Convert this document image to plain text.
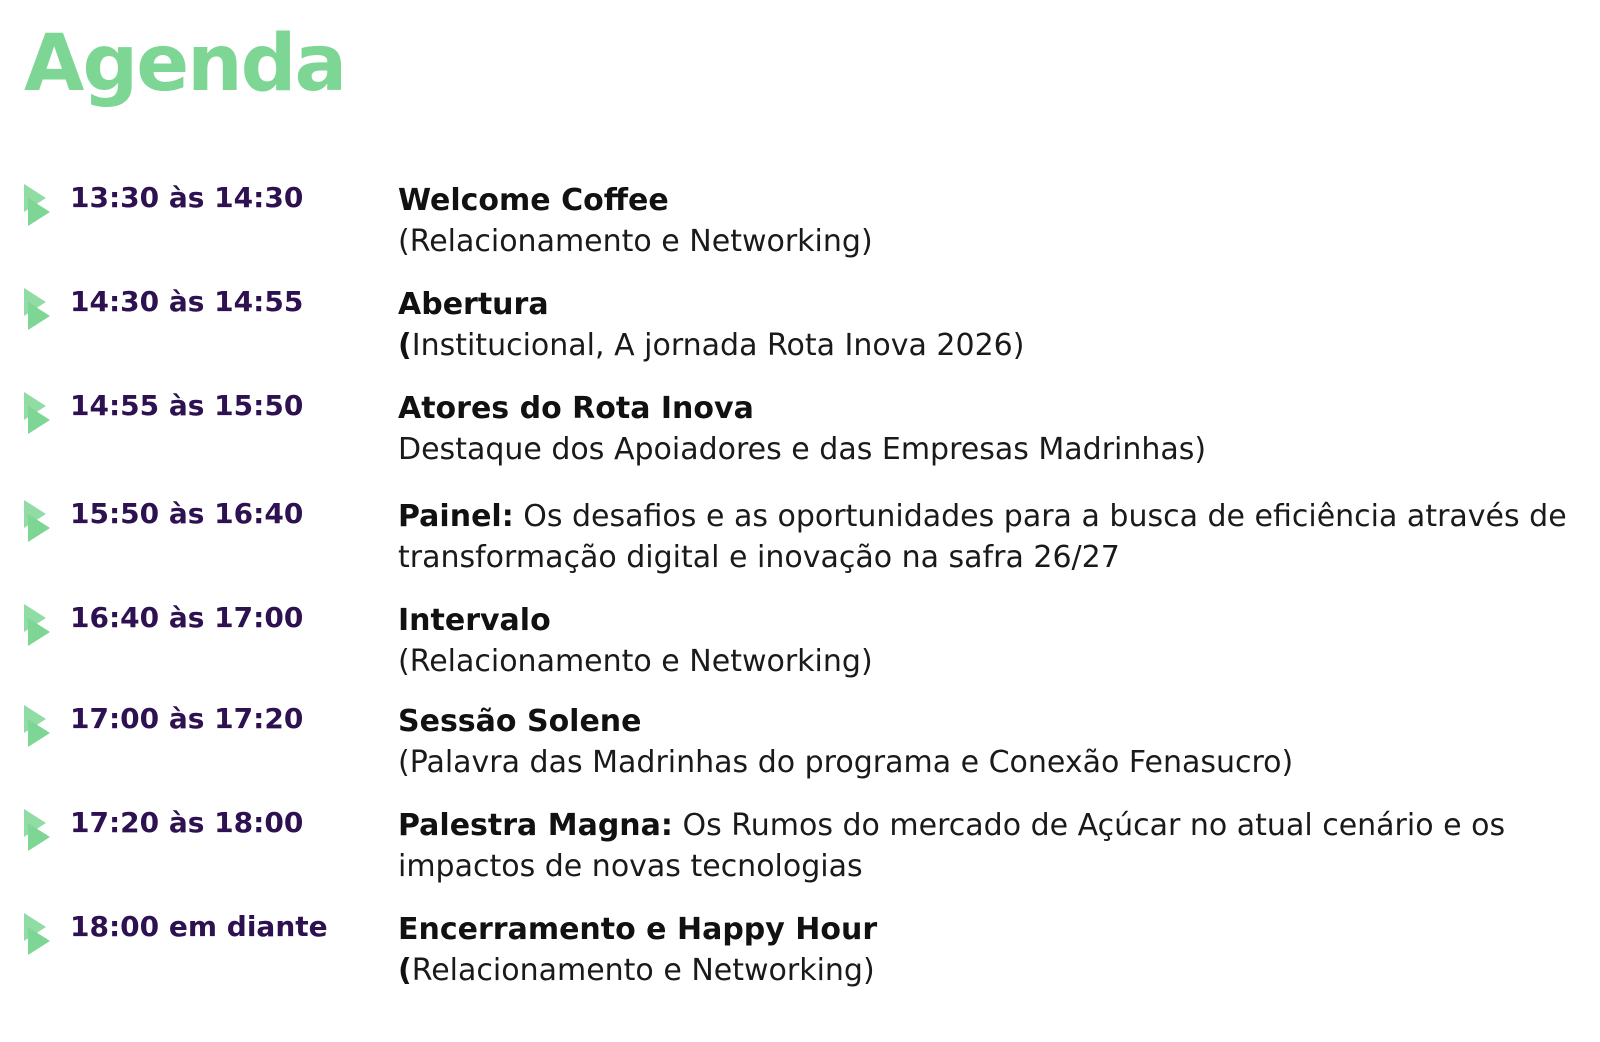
Agenda
13:30 às 14:30	Welcome Coffee
(Relacionamento e Networking)
14:30 às 14:55	Abertura
(Institucional, A jornada Rota Inova 2026)
14:55 às 15:50	Atores do Rota Inova
Destaque dos Apoiadores e das Empresas Madrinhas)
15:50 às 16:40	Painel: Os desafios e as oportunidades para a busca de eficiência através de transformação digital e inovação na safra 26/27
16:40 às 17:00	Intervalo
(Relacionamento e Networking)
17:00 às 17:20	Sessão Solene
(Palavra das Madrinhas do programa e Conexão Fenasucro)
17:20 às 18:00	Palestra Magna: Os Rumos do mercado de Açúcar no atual cenário e os impactos de novas tecnologias
18:00 em diante Encerramento e Happy Hour
(Relacionamento e Networking)
